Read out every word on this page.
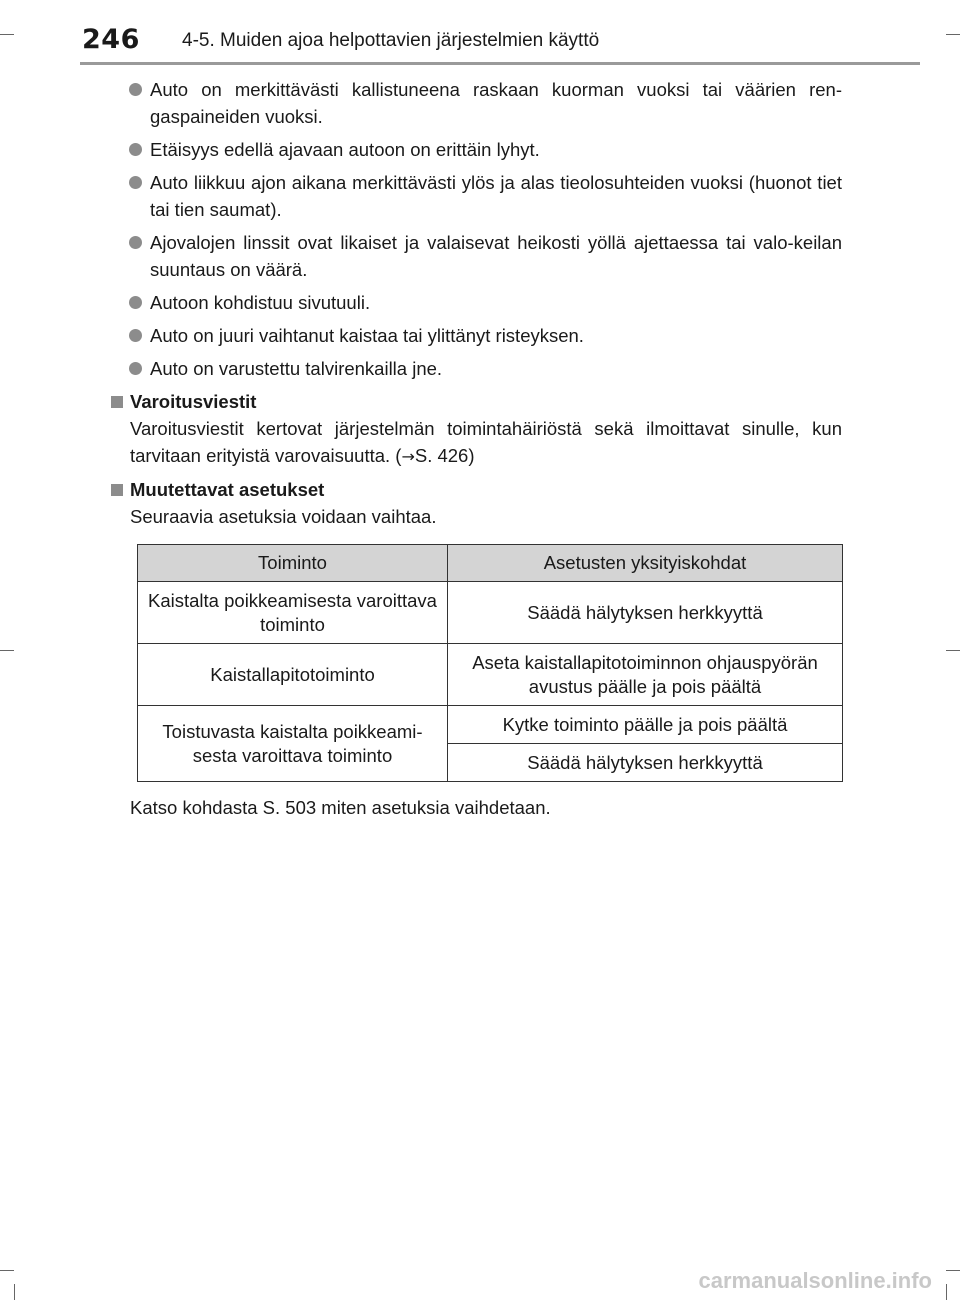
246 4-5. Muiden ajoa helpottavien järjestelmien käyttö
Auto on merkittävästi kallistuneena raskaan kuorman vuoksi tai väärien ren-gaspaineiden vuoksi.
Etäisyys edellä ajavaan autoon on erittäin lyhyt.
Auto liikkuu ajon aikana merkittävästi ylös ja alas tieolosuhteiden vuoksi (huonot tiet tai tien saumat).
Ajovalojen linssit ovat likaiset ja valaisevat heikosti yöllä ajettaessa tai valo-keilan suuntaus on väärä.
Autoon kohdistuu sivutuuli.
Auto on juuri vaihtanut kaistaa tai ylittänyt risteyksen.
Auto on varustettu talvirenkailla jne.
Varoitusviestit
Varoitusviestit kertovat järjestelmän toimintahäiriöstä sekä ilmoittavat sinulle, kun tarvitaan erityistä varovaisuutta. (→S. 426)
Muutettavat asetukset
Seuraavia asetuksia voidaan vaihtaa.
Toiminto	Asetusten yksityiskohdat
Kaistalta poikkeamisesta varoittava toiminto	Säädä hälytyksen herkkyyttä
Kaistallapitotoiminto	Aseta kaistallapitotoiminnon ohjauspyörän avustus päälle ja pois päältä
Toistuvasta kaistalta poikkeami-sesta varoittava toiminto	Kytke toiminto päälle ja pois päältä
	Säädä hälytyksen herkkyyttä
Katso kohdasta S. 503 miten asetuksia vaihdetaan.
carmanualsonline.info
